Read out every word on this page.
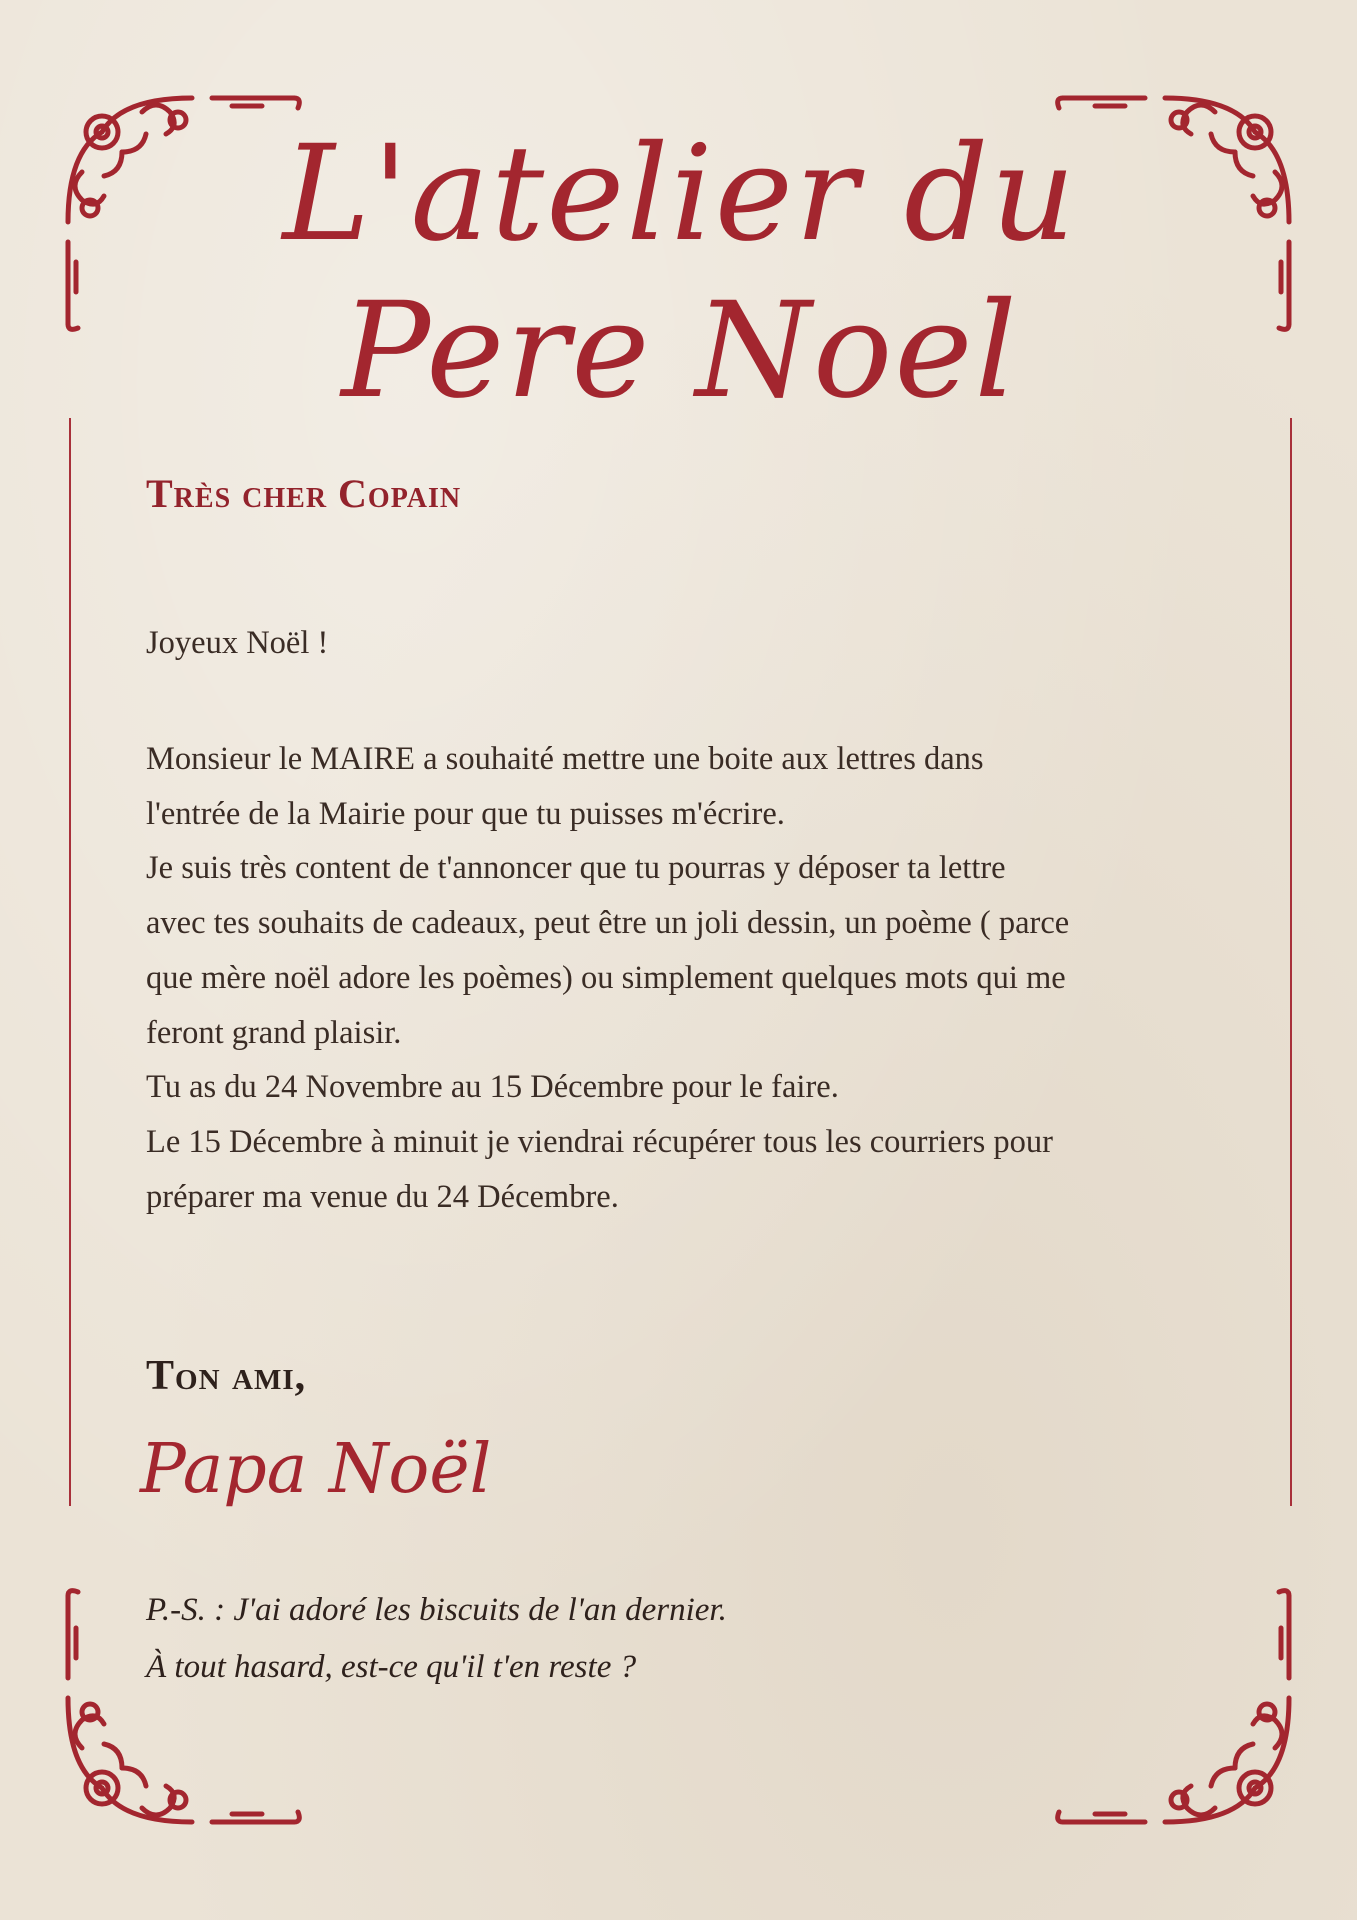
L'atelier du
Pere Noel
Très cher Copain
Joyeux Noël !
Monsieur le MAIRE a souhaité mettre une boite aux lettres dans
l'entrée de la Mairie pour que tu puisses m'écrire.
Je suis très content de t'annoncer que tu pourras y déposer ta lettre
avec tes souhaits de cadeaux, peut être un joli dessin, un poème ( parce
que mère noël adore les poèmes) ou simplement quelques mots qui me
feront grand plaisir.
Tu as du 24 Novembre au 15 Décembre pour le faire.
Le 15 Décembre à minuit je viendrai récupérer tous les courriers pour
préparer ma venue du 24 Décembre.
Ton ami,
Papa Noël
P.-S. : J'ai adoré les biscuits de l'an dernier.
À tout hasard, est-ce qu'il t'en reste ?
